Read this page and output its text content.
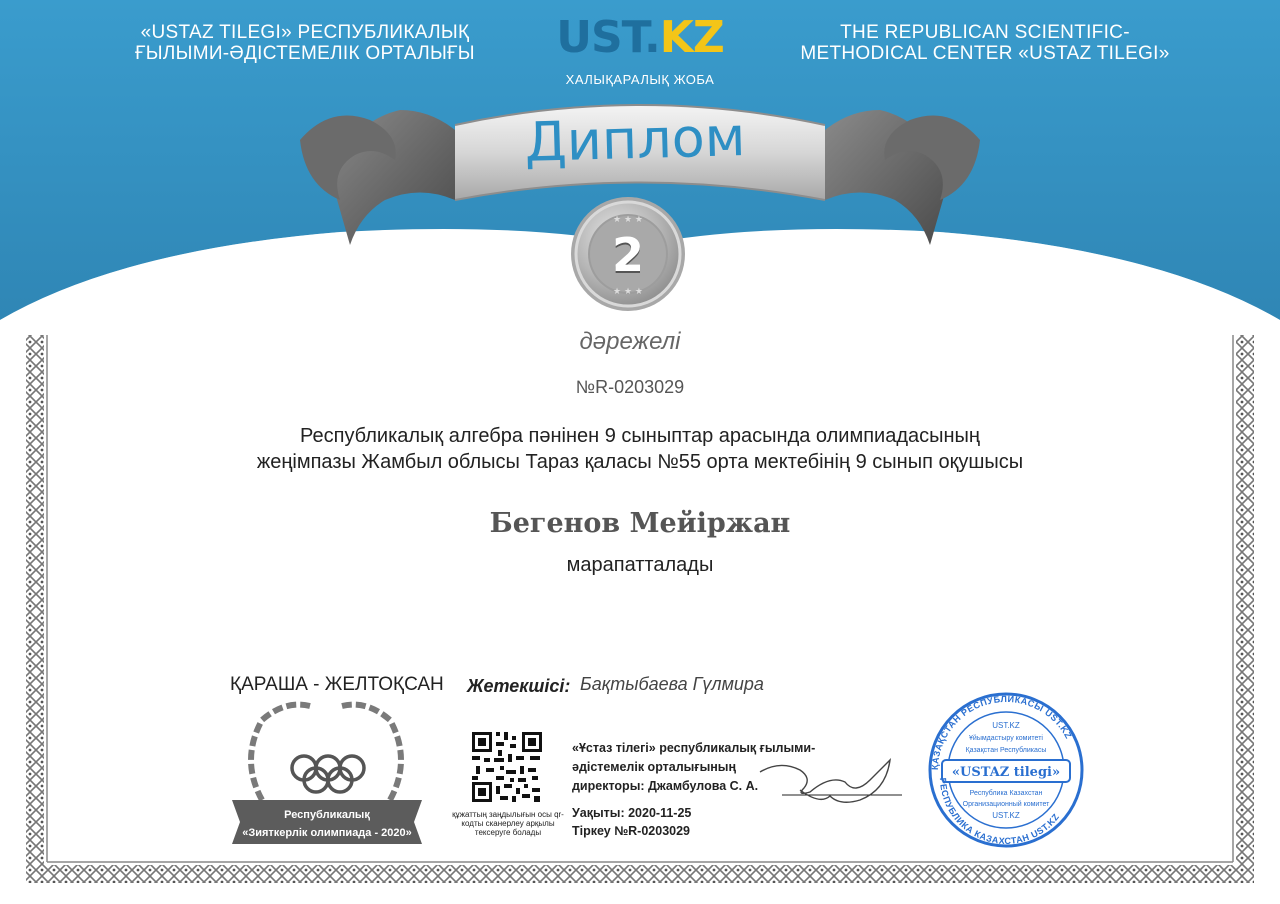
★ ★ ★
★ ★ ★
Республикалық
«Зияткерлік олимпиада - 2020»
ҚАЗАҚСТАН РЕСПУБЛИКАСЫ UST.KZ
РЕСПУБЛИКА КАЗАХСТАН UST.KZ
UST.KZ
Ұйымдастыру комитеті
Қазақстан Республикасы
«USTAZ tilegi»
Республика Казахстан
Организационный комитет
UST.KZ
«USTAZ TILEGI» РЕСПУБЛИКАЛЫҚ ҒЫЛЫМИ-ӘДІСТЕМЕЛІК ОРТАЛЫҒЫ
THE REPUBLICAN SCIENTIFIC-METHODICAL CENTER «USTAZ TILEGI»
UST.KZ
ХАЛЫҚАРАЛЫҚ ЖОБА
Диплом
2
дәрежелі
№R-0203029
Республикалық алгебра пәнінен 9 сыныптар арасында олимпиадасының жеңімпазы Жамбыл облысы Тараз қаласы №55 орта мектебінің 9 сынып оқушысы
Бегенов Мейіржан
марапатталады
ҚАРАША - ЖЕЛТОҚСАН	Жетекшісі: Бақтыбаева Гүлмира
құжаттың заңдылығын осы qr-кодты сканерлеу арқылы тексеруге болады
«Ұстаз тілегі» республикалық ғылыми-
әдістемелік орталығының
директоры: Джамбулова С. А.
Уақыты: 2020-11-25
Тіркеу №R-0203029
